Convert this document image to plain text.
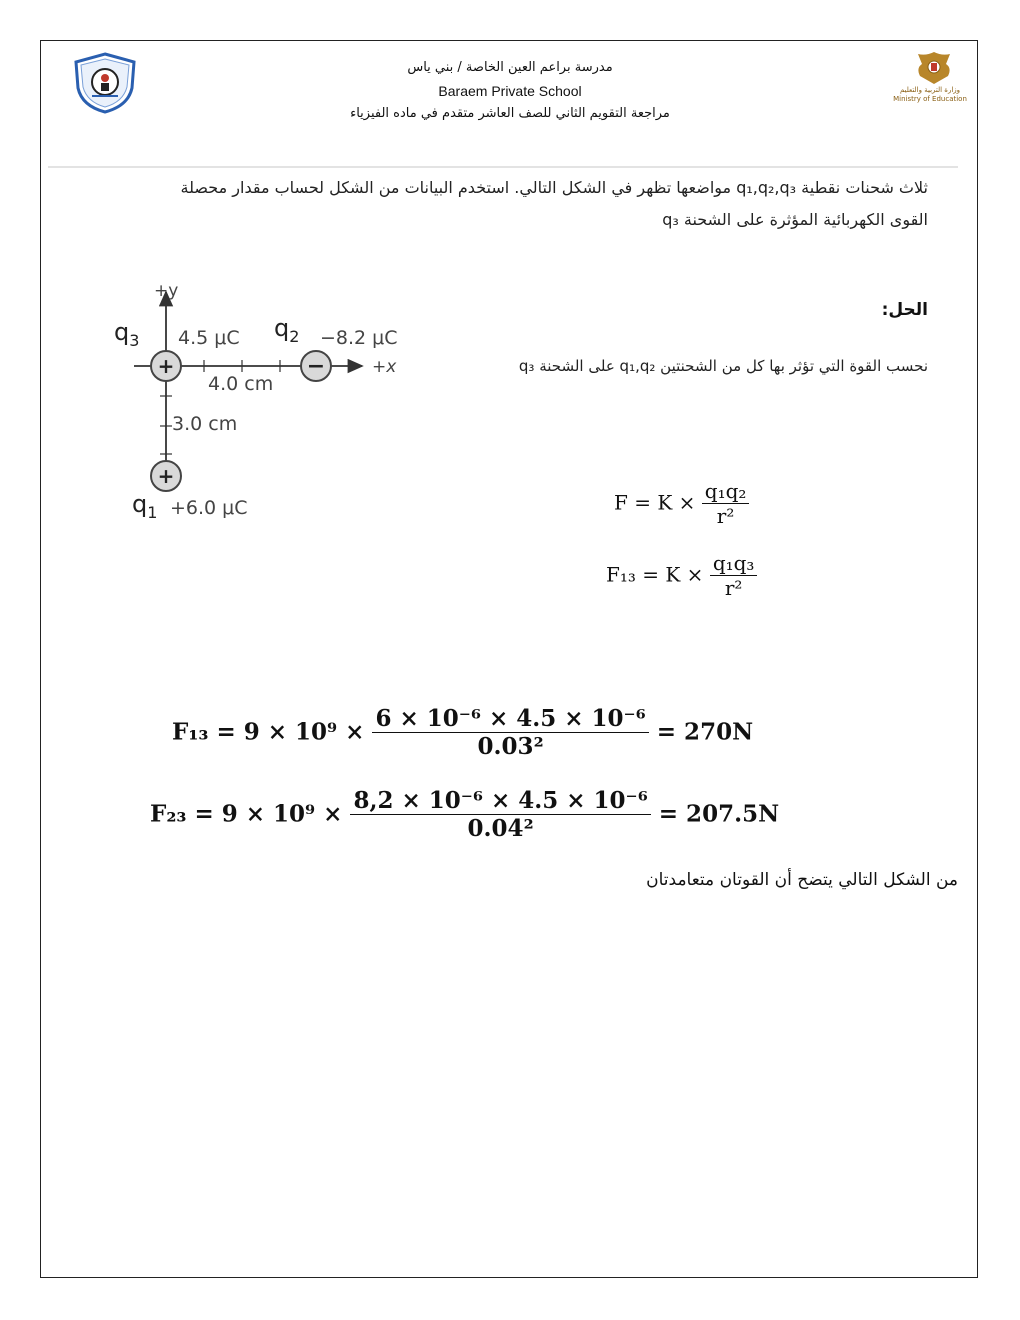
وزارة التربية والتعليم
Ministry of Education
مدرسة براعم العين الخاصة / بني ياس
Baraem Private School
مراجعة التقويم الثاني للصف العاشر متقدم في ماده الفيزياء
ثلاث شحنات نقطية q₁,q₂,q₃ مواضعها تظهر في الشكل التالي. استخدم البيانات من الشكل لحساب مقدار محصلة القوى الكهربائية المؤثرة على الشحنة q₃
+y
+x
+
$q_3$ 4.5 μC
−
$q_2 -8.2$ μC
+
$q_1 +6.0$ μC
4.0 cm
3.0 cm
الحل:
نحسب القوة التي تؤثر بها كل من الشحنتين q₁,q₂ على الشحنة q₃
$F = K \times \frac{\text{q₁q₂}}{\text{r²}}$
$F_{13} = K \times \frac{\text{q₁q₃}}{\text{r²}}$
$F_{13} = 9 \times 10^9 \times \frac{\text{6 × 10⁻⁶ × 4.5 × 10⁻⁶}}{\text{0.03²}} = 270N$
$F_{23} = 9 \times 10^9 \times \frac{\text{8,2 × 10⁻⁶ × 4.5 × 10⁻⁶}}{\text{0.04²}} = 207.5N$
من الشكل التالي يتضح أن القوتان متعامدتان
